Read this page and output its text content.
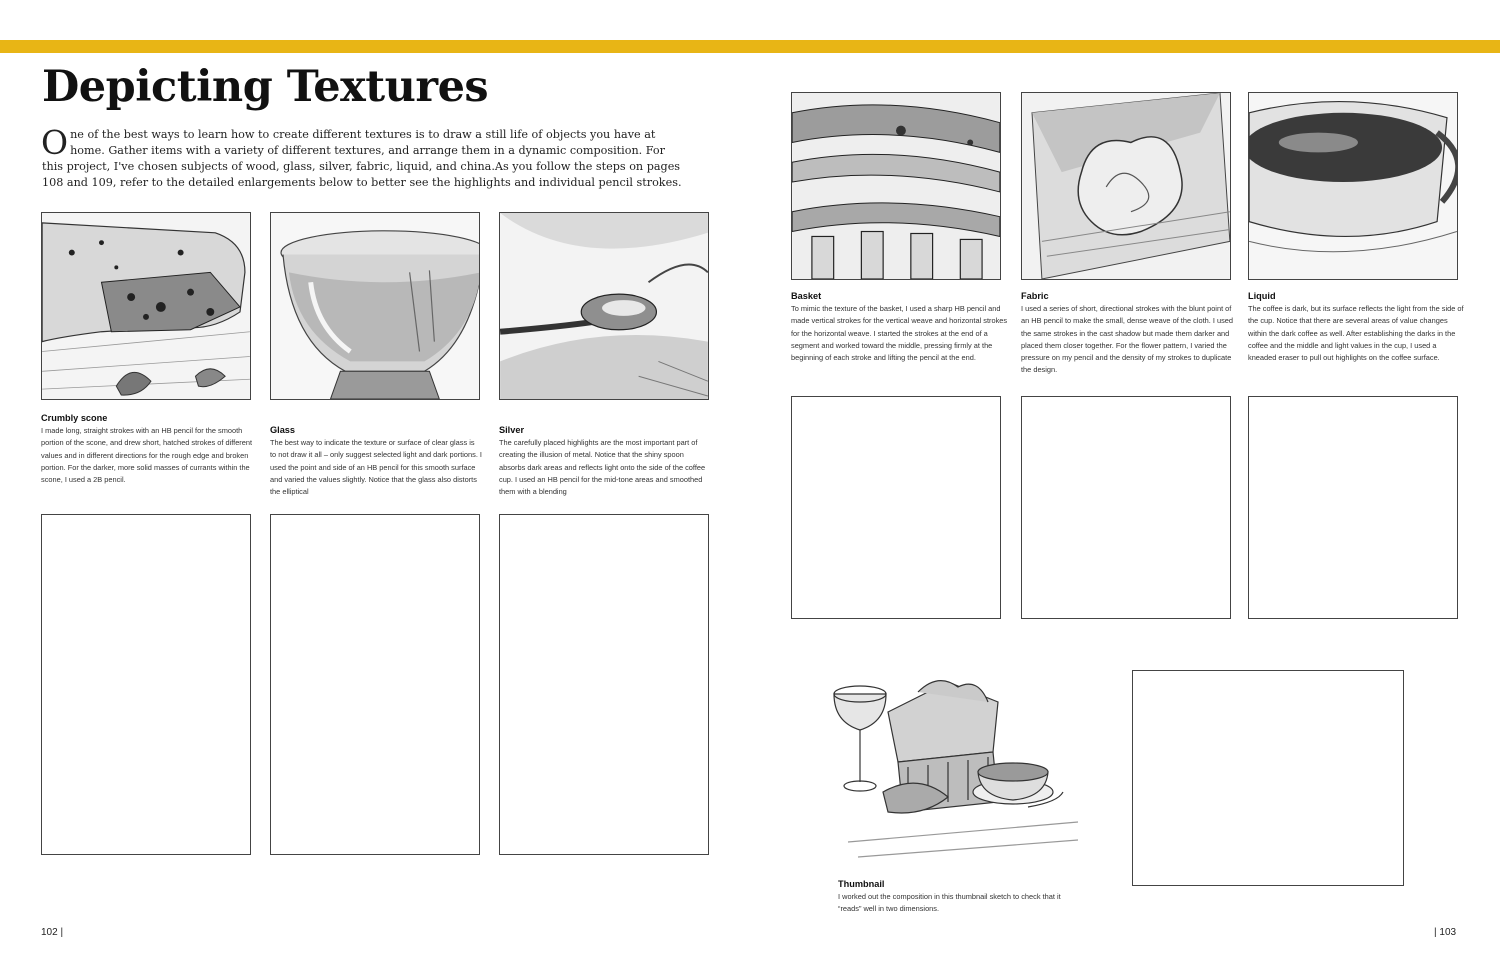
Depicting Textures
O ne of the best ways to learn how to create different textures is to draw a still life of objects you have at home. Gather items with a variety of different textures, and arrange them in a dynamic composition. For this project, I've chosen subjects of wood, glass, silver, fabric, liquid, and china.As you follow the steps on pages 108 and 109, refer to the detailed enlargements below to better see the highlights and individual pencil strokes.
Crumbly scone
I made long, straight strokes with an HB pencil for the smooth portion of the scone, and drew short, hatched strokes of different values and in different directions for the rough edge and broken portion. For the darker, more solid masses of currants within the scone, I used a 2B pencil.
Glass
The best way to indicate the texture or surface of clear glass is to not draw it all – only suggest selected light and dark portions. I used the point and side of an HB pencil for this smooth surface and varied the values slightly. Notice that the glass also distorts the elliptical
Silver
The carefully placed highlights are the most important part of creating the illusion of metal. Notice that the shiny spoon absorbs dark areas and reflects light onto the side of the coffee cup. I used an HB pencil for the mid-tone areas and smoothed them with a blending
Basket
To mimic the texture of the basket, I used a sharp HB pencil and made vertical strokes for the vertical weave and horizontal strokes for the horizontal weave. I started the strokes at the end of a segment and worked toward the middle, pressing firmly at the beginning of each stroke and lifting the pencil at the end.
Fabric
I used a series of short, directional strokes with the blunt point of an HB pencil to make the small, dense weave of the cloth. I used the same strokes in the cast shadow but made them darker and placed them closer together. For the flower pattern, I varied the pressure on my pencil and the density of my strokes to duplicate the design.
Liquid
The coffee is dark, but its surface reflects the light from the side of the cup. Notice that there are several areas of value changes within the dark coffee as well. After establishing the darks in the coffee and the middle and light values in the cup, I used a kneaded eraser to pull out highlights on the coffee surface.
Thumbnail
I worked out the composition in this thumbnail sketch to check that it “reads” well in two dimensions.
102 |	| 103
